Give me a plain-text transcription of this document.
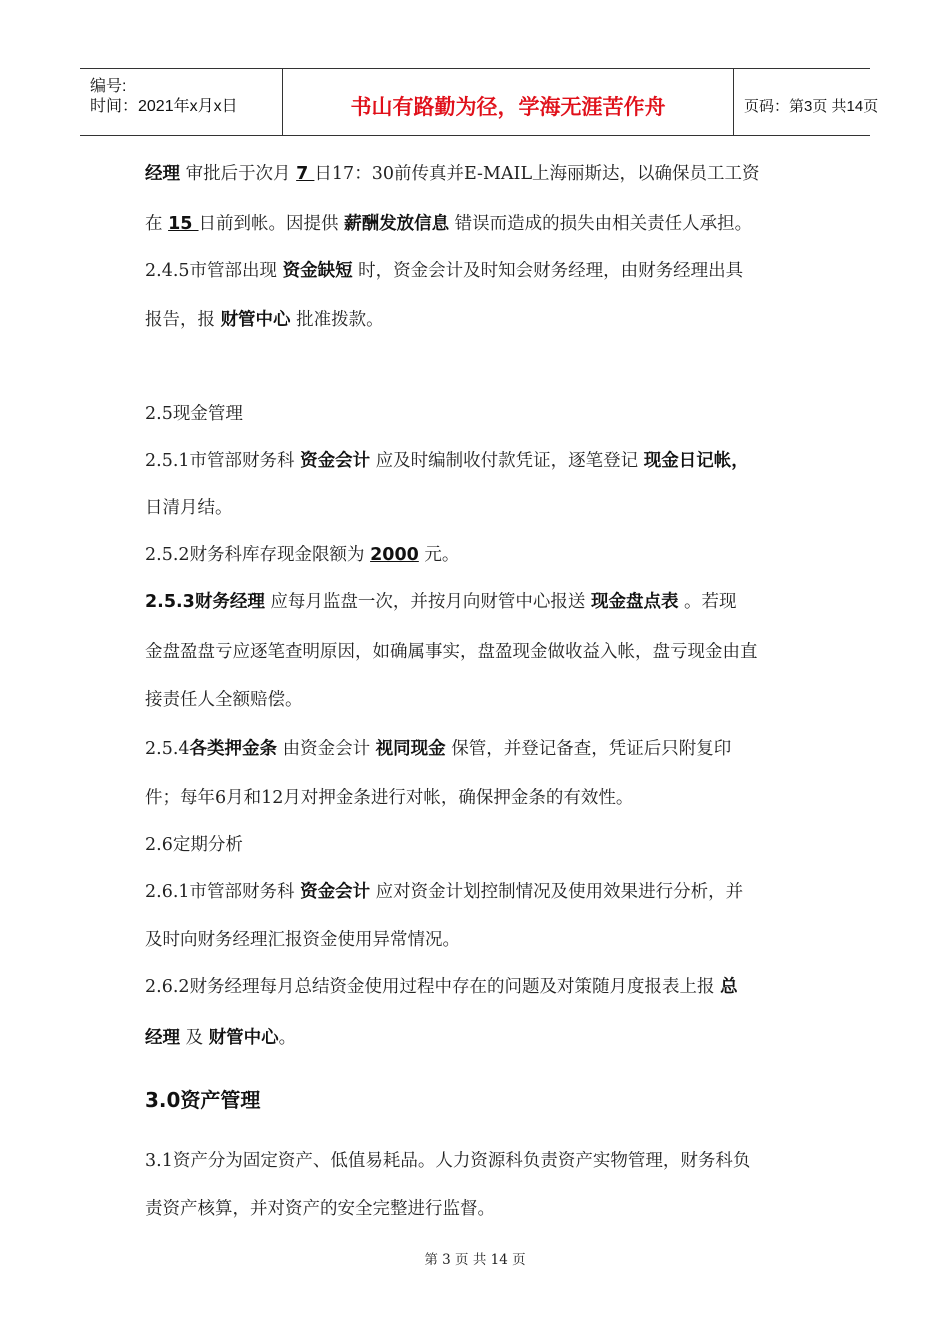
编号:
时间：2021年x月x日	书山有路勤为径，学海无涯苦作舟	页码：第3页 共14页
经理 审批后于次月 7 日17：30前传真并E-MAIL上海丽斯达，以确保员工工资
在 15 日前到帐。因提供 薪酬发放信息 错误而造成的损失由相关责任人承担。
2.4.5市管部出现 资金缺短 时，资金会计及时知会财务经理，由财务经理出具
报告，报 财管中心 批准拨款。
2.5现金管理
2.5.1市管部财务科 资金会计 应及时编制收付款凭证，逐笔登记 现金日记帐，
日清月结。
2.5.2财务科库存现金限额为 2000 元。
2.5.3财务经理 应每月监盘一次，并按月向财管中心报送 现金盘点表 。若现
金盘盈盘亏应逐笔查明原因，如确属事实，盘盈现金做收益入帐，盘亏现金由直
接责任人全额赔偿。
2.5.4各类押金条 由资金会计 视同现金 保管，并登记备查，凭证后只附复印
件；每年6月和12月对押金条进行对帐，确保押金条的有效性。
2.6定期分析
2.6.1市管部财务科 资金会计 应对资金计划控制情况及使用效果进行分析，并
及时向财务经理汇报资金使用异常情况。
2.6.2财务经理每月总结资金使用过程中存在的问题及对策随月度报表上报 总
经理 及 财管中心。
3.1资产分为固定资产、低值易耗品。人力资源科负责资产实物管理，财务科负
责资产核算，并对资产的安全完整进行监督。
3.0资产管理
第 3 页 共 14 页
